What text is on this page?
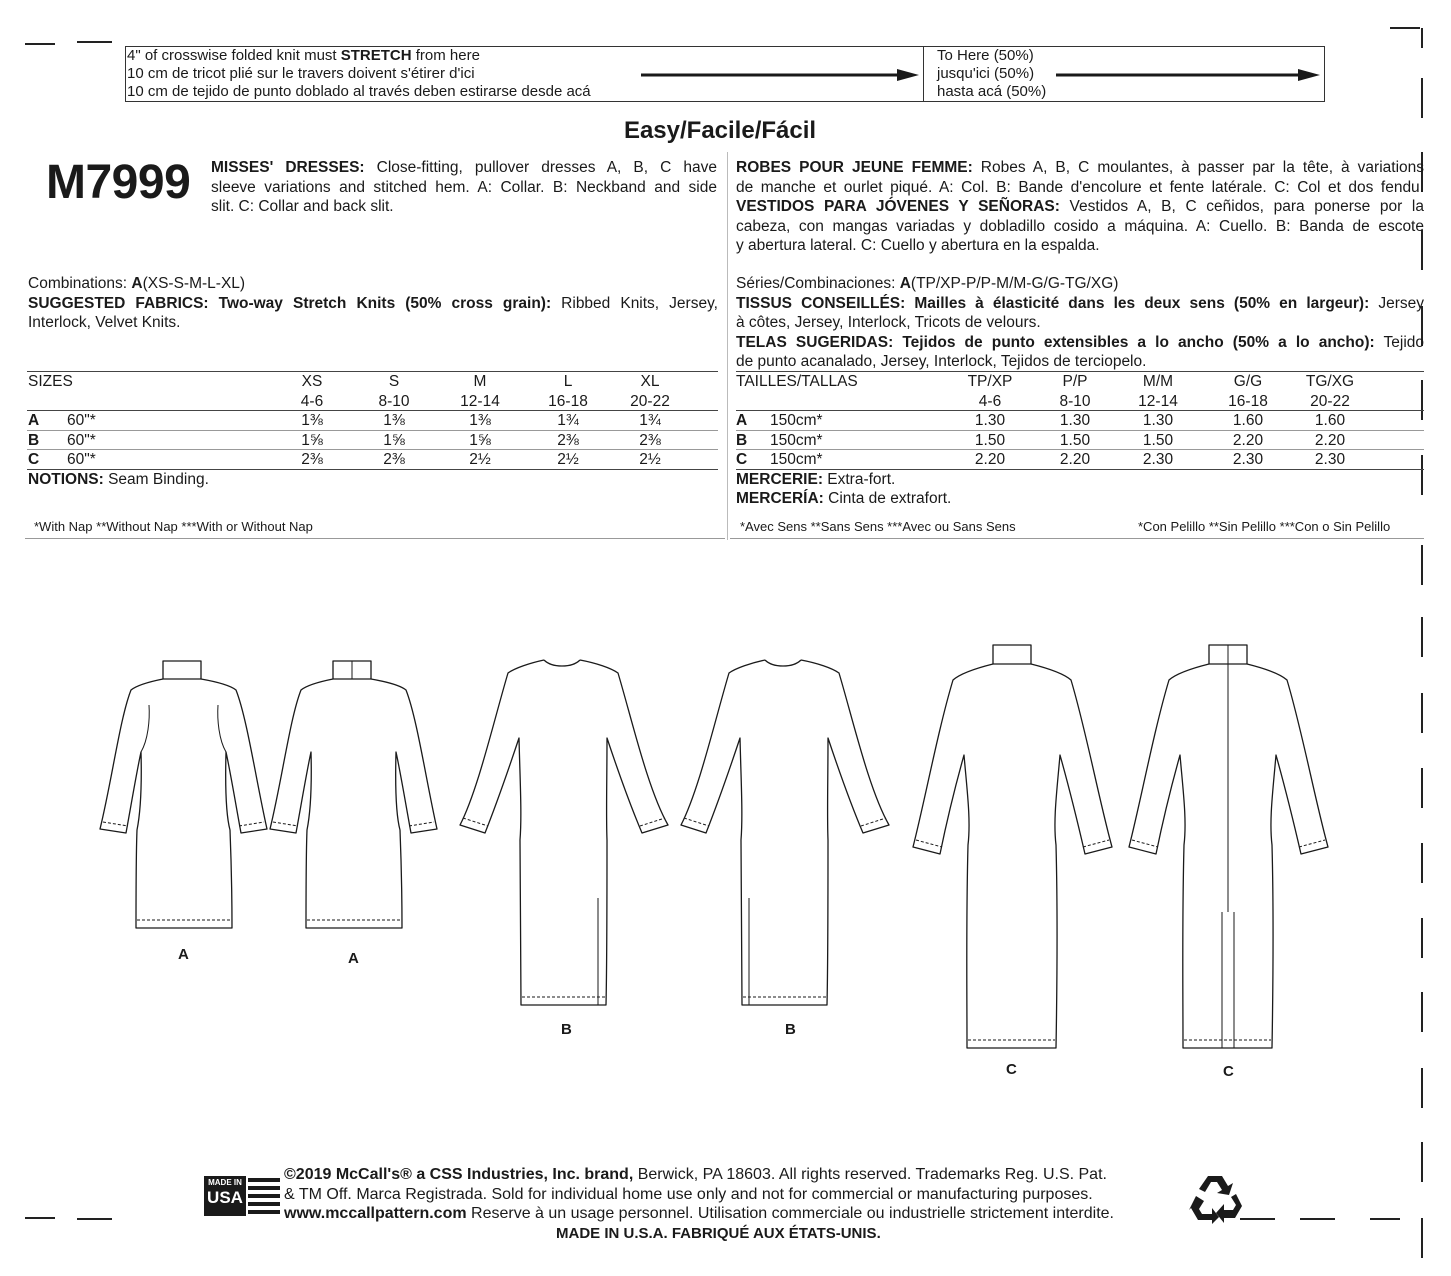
4" of crosswise folded knit must STRETCH from here
10 cm de tricot plié sur le travers doivent s'étirer d'ici
10 cm de tejido de punto doblado al través deben estirarse desde acá
To Here (50%)
jusqu'ici (50%)
hasta acá (50%)
Easy/Facile/Fácil
M7999 MISSES' DRESSES: Close-fitting, pullover dresses A, B, C have
sleeve variations and stitched hem. A: Collar. B: Neckband and side
slit. C: Collar and back slit.
ROBES POUR JEUNE FEMME: Robes A, B, C moulantes, à passer par la tête, à variations
de manche et ourlet piqué. A: Col. B: Bande d'encolure et fente latérale. C: Col et dos fendu.
VESTIDOS PARA JÓVENES Y SEÑORAS: Vestidos A, B, C ceñidos, para ponerse por la
cabeza, con mangas variadas y dobladillo cosido a máquina. A: Cuello. B: Banda de escote
y abertura lateral. C: Cuello y abertura en la espalda.
Combinations: A(XS-S-M-L-XL)
SUGGESTED FABRICS: Two-way Stretch Knits (50% cross grain): Ribbed Knits, Jersey,
Interlock, Velvet Knits.
Séries/Combinaciones: A(TP/XP-P/P-M/M-G/G-TG/XG)
TISSUS CONSEILLÉS: Mailles à élasticité dans les deux sens (50% en largeur): Jersey
à côtes, Jersey, Interlock, Tricots de velours.
TELAS SUGERIDAS: Tejidos de punto extensibles a lo ancho (50% a lo ancho): Tejido
de punto acanalado, Jersey, Interlock, Tejidos de terciopelo.
SIZES	XS	S	M	L	XL
4-6	8-10	12-14	16-18	20-22
A 60"*	1⅜	1⅜	1⅜	1¾	1¾
B 60"*	1⅝	1⅝	1⅝	2⅜	2⅜
C 60"*	2⅜	2⅜	2½	2½	2½
NOTIONS: Seam Binding.
*With Nap **Without Nap ***With or Without Nap
TAILLES/TALLAS	TP/XP	P/P	M/M	G/G	TG/XG
4-6	8-10	12-14	16-18	20-22
A 150cm*	1.30	1.30	1.30	1.60	1.60
B 150cm*	1.50	1.50	1.50	2.20	2.20
C 150cm*	2.20	2.20	2.30	2.30	2.30
MERCERIE: Extra-fort.
MERCERÍA: Cinta de extrafort.
*Avec Sens **Sans Sens ***Avec ou Sans Sens	*Con Pelillo **Sin Pelillo ***Con o Sin Pelillo
A	A
B	B
C	C
MADE IN
USA
©2019 McCall's® a CSS Industries, Inc. brand, Berwick, PA 18603. All rights reserved. Trademarks Reg. U.S. Pat.
& TM Off. Marca Registrada. Sold for individual home use only and not for commercial or manufacturing purposes.
www.mccallpattern.com Reserve à un usage personnel. Utilisation commerciale ou industrielle strictement interdite.
MADE IN U.S.A. FABRIQUÉ AUX ÉTATS-UNIS.
